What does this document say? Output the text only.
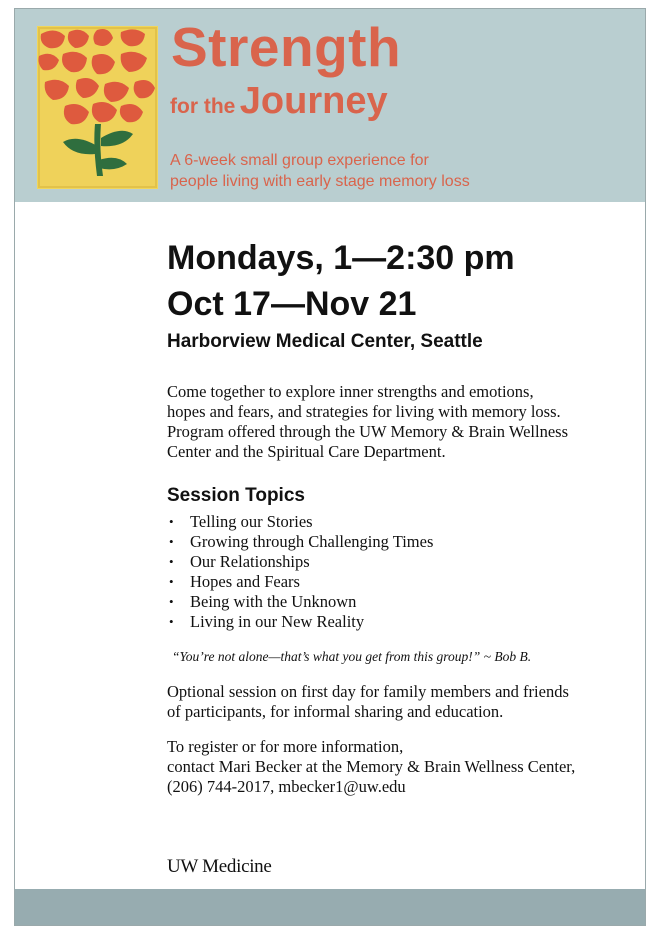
Strength
for the Journey
A 6-week small group experience for
people living with early stage memory loss
Mondays, 1—2:30 pm
Oct 17—Nov 21
Harborview Medical Center, Seattle
Come together to explore inner strengths and emotions,
hopes and fears, and strategies for living with memory loss.
Program offered through the UW Memory & Brain Wellness
Center and the Spiritual Care Department.
Session Topics
• Telling our Stories
• Growing through Challenging Times
• Our Relationships
• Hopes and Fears
• Being with the Unknown
• Living in our New Reality
“You’re not alone—that’s what you get from this group!” ~ Bob B.
Optional session on first day for family members and friends
of participants, for informal sharing and education.
To register or for more information,
contact Mari Becker at the Memory & Brain Wellness Center,
(206) 744-2017, mbecker1@uw.edu
UW Medicine
